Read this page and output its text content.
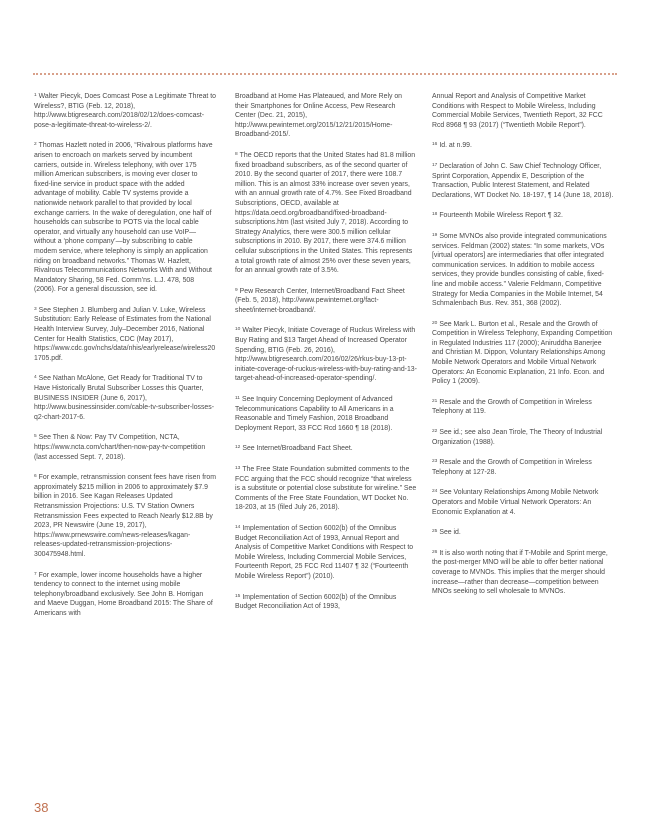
$^1$ Walter Piecyk, Does Comcast Pose a Legitimate Threat to Wireless?, BTIG (Feb. 12, 2018), http://www.btigresearch.com/2018/02/12/does-comcast-pose-a-legitimate-threat-to-wireless-2/.

$^2$ Thomas Hazlett noted in 2006, “Rivalrous platforms have arisen to encroach on markets served by incumbent carriers, outside in. Wireless telephony, with over 175 million American subscribers, is moving ever closer to fixed-line service in product space with the added advantage of mobility. Cable TV systems provide a nationwide network parallel to that provided by local exchange carriers. In the wake of deregulation, one half of households can subscribe to POTS via the local cable operator, and virtually any household can use VoIP—without a ‘phone company’—by subscribing to cable modem service, where telephony is simply an application riding on broadband networks.” Thomas W. Hazlett, Rivalrous Telecommunications Networks With and Without Mandatory Sharing, 58 Fed. Comm’ns. L.J. 478, 508 (2006). For a general discussion, see id.

$^3$ See Stephen J. Blumberg and Julian V. Luke, Wireless Substitution: Early Release of Estimates from the National Health Interview Survey, July–December 2016, National Center for Health Statistics, CDC (May 2017), https://www.cdc.gov/nchs/data/nhis/earlyrelease/wireless201705.pdf.

$^4$ See Nathan McAlone, Get Ready for Traditional TV to Have Historically Brutal Subscriber Losses this Quarter, BUSINESS INSIDER (June 6, 2017), http://www.businessinsider.com/cable-tv-subscriber-losses-q2-chart-2017-6.

$^5$ See Then & Now: Pay TV Competition, NCTA, https://www.ncta.com/chart/then-now-pay-tv-competition (last accessed Sept. 7, 2018).

$^6$ For example, retransmission consent fees have risen from approximately $215 million in 2006 to approximately $7.9 billion in 2016. See Kagan Releases Updated Retransmission Projections: U.S. TV Station Owners Retransmission Fees expected to Reach Nearly $12.8B by 2023, PR Newswire (June 19, 2017), https://www.prnewswire.com/news-releases/kagan-releases-updated-retransmission-projections-300475948.html.

$^7$ For example, lower income households have a higher tendency to connect to the internet using mobile telephony/broadband exclusively. See John B. Horrigan and Maeve Duggan, Home Broadband 2015: The Share of Americans with

Broadband at Home Has Plateaued, and More Rely on their Smartphones for Online Access, Pew Research Center (Dec. 21, 2015), http://www.pewinternet.org/2015/12/21/2015/Home-Broadband-2015/.

$^8$ The OECD reports that the United States had 81.8 million fixed broadband subscribers, as of the second quarter of 2010. By the second quarter of 2017, there were 108.7 million. This is an almost 33% increase over seven years, with an annual growth rate of 4.7%. See Fixed Broadband Subscriptions, OECD, available at https://data.oecd.org/broadband/fixed-broadband-subscriptions.htm (last visited July 7, 2018). According to Strategy Analytics, there were 300.5 million cellular subscriptions in 2010. By 2017, there were 374.6 million cellular subscriptions in the United States. This represents a total growth rate of almost 25% over these seven years, for an annual growth rate of 3.5%.

$^9$ Pew Research Center, Internet/Broadband Fact Sheet (Feb. 5, 2018), http://www.pewinternet.org/fact-sheet/internet-broadband/.

$^{10}$ Walter Piecyk, Initiate Coverage of Ruckus Wireless with Buy Rating and $13 Target Ahead of Increased Operator Spending, BTIG (Feb. 26, 2016), http://www.btigresearch.com/2016/02/26/rkus-buy-13-pt-initiate-coverage-of-ruckus-wireless-with-buy-rating-and-13-target-ahead-of-increased-operator-spending/.

$^{11}$ See Inquiry Concerning Deployment of Advanced Telecommunications Capability to All Americans in a Reasonable and Timely Fashion, 2018 Broadband Deployment Report, 33 FCC Rcd 1660 ¶ 18 (2018).

$^{12}$ See Internet/Broadband Fact Sheet.

$^{13}$ The Free State Foundation submitted comments to the FCC arguing that the FCC should recognize “that wireless is a substitute or potential close substitute for wireline.” See Comments of the Free State Foundation, WT Docket No. 18-203, at 15 (filed July 26, 2018).

$^{14}$ Implementation of Section 6002(b) of the Omnibus Budget Reconciliation Act of 1993, Annual Report and Analysis of Competitive Market Conditions with Respect to Mobile Wireless, Including Commercial Mobile Services, Fourteenth Report, 25 FCC Rcd 11407 ¶ 32 (“Fourteenth Mobile Wireless Report”) (2010).

$^{15}$ Implementation of Section 6002(b) of the Omnibus Budget Reconciliation Act of 1993,

Annual Report and Analysis of Competitive Market Conditions with Respect to Mobile Wireless, Including Commercial Mobile Services, Twentieth Report, 32 FCC Rcd 8968 ¶ 93 (2017) (“Twentieth Mobile Report”).

$^{16}$ Id. at n.99.

$^{17}$ Declaration of John C. Saw Chief Technology Officer, Sprint Corporation, Appendix E, Description of the Transaction, Public Interest Statement, and Related Declarations, WT Docket No. 18-197, ¶ 14 (June 18, 2018).

$^{18}$ Fourteenth Mobile Wireless Report ¶ 32.

$^{19}$ Some MVNOs also provide integrated communications services. Feldman (2002) states: “In some markets, VOs [virtual operators] are intermediaries that offer integrated communication services. In addition to mobile access services, they provide bundles consisting of cable, fixed-line and mobile access.” Valerie Feldmann, Competitive Strategy for Media Companies in the Mobile Internet, 54 Schmalenbach Bus. Rev. 351, 368 (2002).

$^{20}$ See Mark L. Burton et al., Resale and the Growth of Competition in Wireless Telephony, Expanding Competition in Regulated Industries 117 (2000); Aniruddha Banerjee and Christian M. Dippon, Voluntary Relationships Among Mobile Network Operators and Mobile Virtual Network Operators: An Economic Explanation, 21 Info. Econ. and Policy 1 (2009).

$^{21}$ Resale and the Growth of Competition in Wireless Telephony at 119.

$^{22}$ See id.; see also Jean Tirole, The Theory of Industrial Organization (1988).

$^{23}$ Resale and the Growth of Competition in Wireless Telephony at 127-28.

$^{24}$ See Voluntary Relationships Among Mobile Network Operators and Mobile Virtual Network Operators: An Economic Explanation at 4.

$^{25}$ See id.

$^{26}$ It is also worth noting that if T-Mobile and Sprint merge, the post-merger MNO will be able to offer better national coverage to MVNOs. This implies that the merger should increase—rather than decrease—competition between MNOs seeking to sell wholesale to MVNOs.

38
